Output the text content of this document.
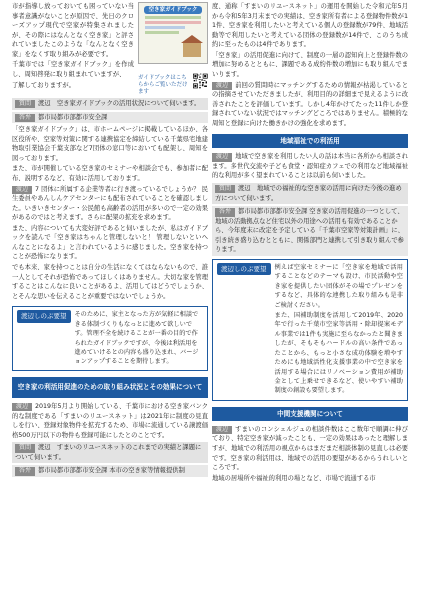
市が指導し放っておいても困っていない当事者意識がないことが原因で、先日のクローズアップ現代で空家が特集されましたが、その際にはなんとなく空き家」と評されていましたこのような「なんとなく空き家」をなくす取り組みが必要です。

千葉市では「空き家ガイドブック」を作成し、周知啓発に取り組まれていますが、

了解しておりますが。

空き家ガイドブック
ガイドブックはこちらからご覧いただけます
質問 渡辺　空き家ガイドブックの活用状況について伺います。
答弁 都市局都市部都市安全課

「空き家ガイドブック」は、市ホームページに掲載しているほか、各区役所や、空家等対策に関する連携協定を締結している千葉県宅地建物取引業協会千葉支部など7団体の窓口等においても配架し、周知を図っております。

また、市が開催している空き家のセミナーや相談会でも、参加者に配布、説明するなど、有効に活用しております。

渡辺 7 団体に所属する企業等者に行き渡っているでしょうか？ 民生委員やあんしんケアセンターにも配布されていることを確認しました。いきいきセンター・公民館も高齢者の活用が多いので一定の効果があるのではと考えます。さらに配架の拡充を求めます。

また、内容についても大変好評であると伺いましたが、私はガイドブックを読んで「空き家はちゃんと管理しないと！ 管理しないといへんなことになるよ」と言われているように感じました。空き家を持つことが恐怖になります。

でも本来、家を持つことは自分の生活になくてはならないもので、誰一人としてそれが恐怖であってほしくはありません。大切な家を管理することはこんなに良いことがあるよ、活用してはどうでしょうか、とそんな思いを伝えることが重要ではないでしょうか。

渡辺しのぶ要望	そのために、家主となった方が気軽に相談できる体制づくりもなっとに進めて欲しいです。管理不全を続けることが一番の目的で作られたガイドブックですが、今後は利活用を進めていけるとの内容も盛り込まれ、バージョンアップすることを期待します。
空き家の利活用促進のための取り組み状況とその効果について

渡辺 2019年5月より開始している、千葉市における空き家バンク的な制度である「すまいのリユースネット」は2021年に制度の見直しを行い、登録対象物件を拡充するため、市場に流通している譲渡価格500万円以下の物件も登録可能にしたとのことです。

質問 渡辺　すまいのリユースネットのこれまでの実績と課題について伺います。
答弁 都市局都市部都市安全課 本市の空き家等情報提供制

度、通称「すまいのリユースネット」の運用を開始した令和元年5月から令和5年3月末までの実績は、空き家所有者による登録物件数が11件、空き家を利用したいと考えている個人の登録数が79件、地域活動等で利用したいと考えている団体の登録数が14件で、このうち成約に至ったものは4件であります。

「空き家」の活用促進に向けて、制度の一層の認知向上と登録件数の増加に努めるとともに、課題である成約件数の増加にも取り組んでまいります。

渡辺 前回の質問時にマッチングするための情報が枯渇しているとの指摘させていただきましたが、利用目的の詳細まで見えるように改善されたことを評価しています。しかし4年かけてたった11件しか登録されていない状況ではマッチングどころではありません。積極的な周知と登録に向けた働きかけの強化を求めます。

地域福祉での利活用

渡辺 地域で空き家を利用したい人の話は本当に各所から相談されます。多世代交流や子ども食堂・認知症カフェでの利用など地域福祉的な利用が多く望まれていることは以前も伺いました。

質問 渡辺　地域での福祉的な空き家の活用に向けた今後の進め方について伺います。
答弁 都市局都市部都市安全課 空き家の活用促進の一つとして、地域の活動拠点など住宅以外の用途への活用も有効であることから、今年度末に改定を予定している「千葉市空家等対策計画」に、引き続き盛り込むとともに、関係部門と連携して引き取り組んで参ります。
渡辺しのぶ要望	例えば空家セミナーに「空き家を地域で活用することなどのテーマも設け、市民活動や空き家を提供したい団体がその場でプレゼンをするなど、具体的な連携した取り組みも是非ご検討ください。

また、国補助制度を活用して2019年、2020年で行った千葉市空家等活用・除却提案モデル事業では1件も実施に至らなかったと聞きましたが、そもそもハードルの高い条件であったことから、もっと小さな成功体験を増やすためにも地域活性化支援事業の中で空き家を活用する場合にはリノベーション費用が補助金として上乗せできるなど、使いやすい補助制度の創設も要望します。

中間支援機関について

渡辺 すまいのコンシェルジュの相談件数はここ数年で順調に伸びており、特定空き家が減ったことも、一定の効果はあったと理解しますが、地域での利活用の視点からはまだまだ相談体制の見直しは必要です。空き家の利活用は、地域での活用の要望があるからうれしいところです。

地域の居場所や福祉的利用の場となど、市場で流通する市
